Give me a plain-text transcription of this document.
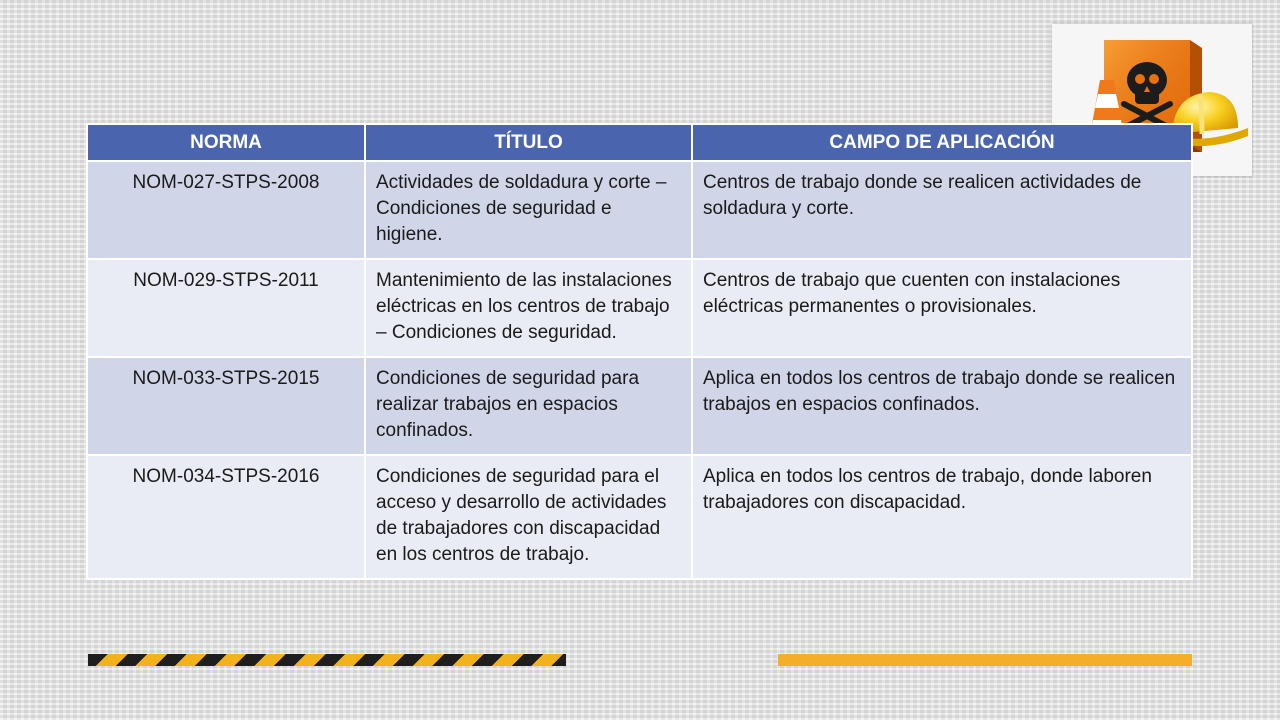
NORMA	TÍTULO	CAMPO DE APLICACIÓN
NOM-027-STPS-2008	Actividades de soldadura y corte – Condiciones de seguridad e higiene.	Centros de trabajo donde se realicen actividades de soldadura y corte.
NOM-029-STPS-2011	Mantenimiento de las instalaciones eléctricas en los centros de trabajo – Condiciones de seguridad.	Centros de trabajo que cuenten con instalaciones eléctricas permanentes o provisionales.
NOM-033-STPS-2015	Condiciones de seguridad para realizar trabajos en espacios confinados.	Aplica en todos los centros de trabajo donde se realicen trabajos en espacios confinados.
NOM-034-STPS-2016	Condiciones de seguridad para el acceso y desarrollo de actividades de trabajadores con discapacidad en los centros de trabajo.	Aplica en todos los centros de trabajo, donde laboren trabajadores con discapacidad.
